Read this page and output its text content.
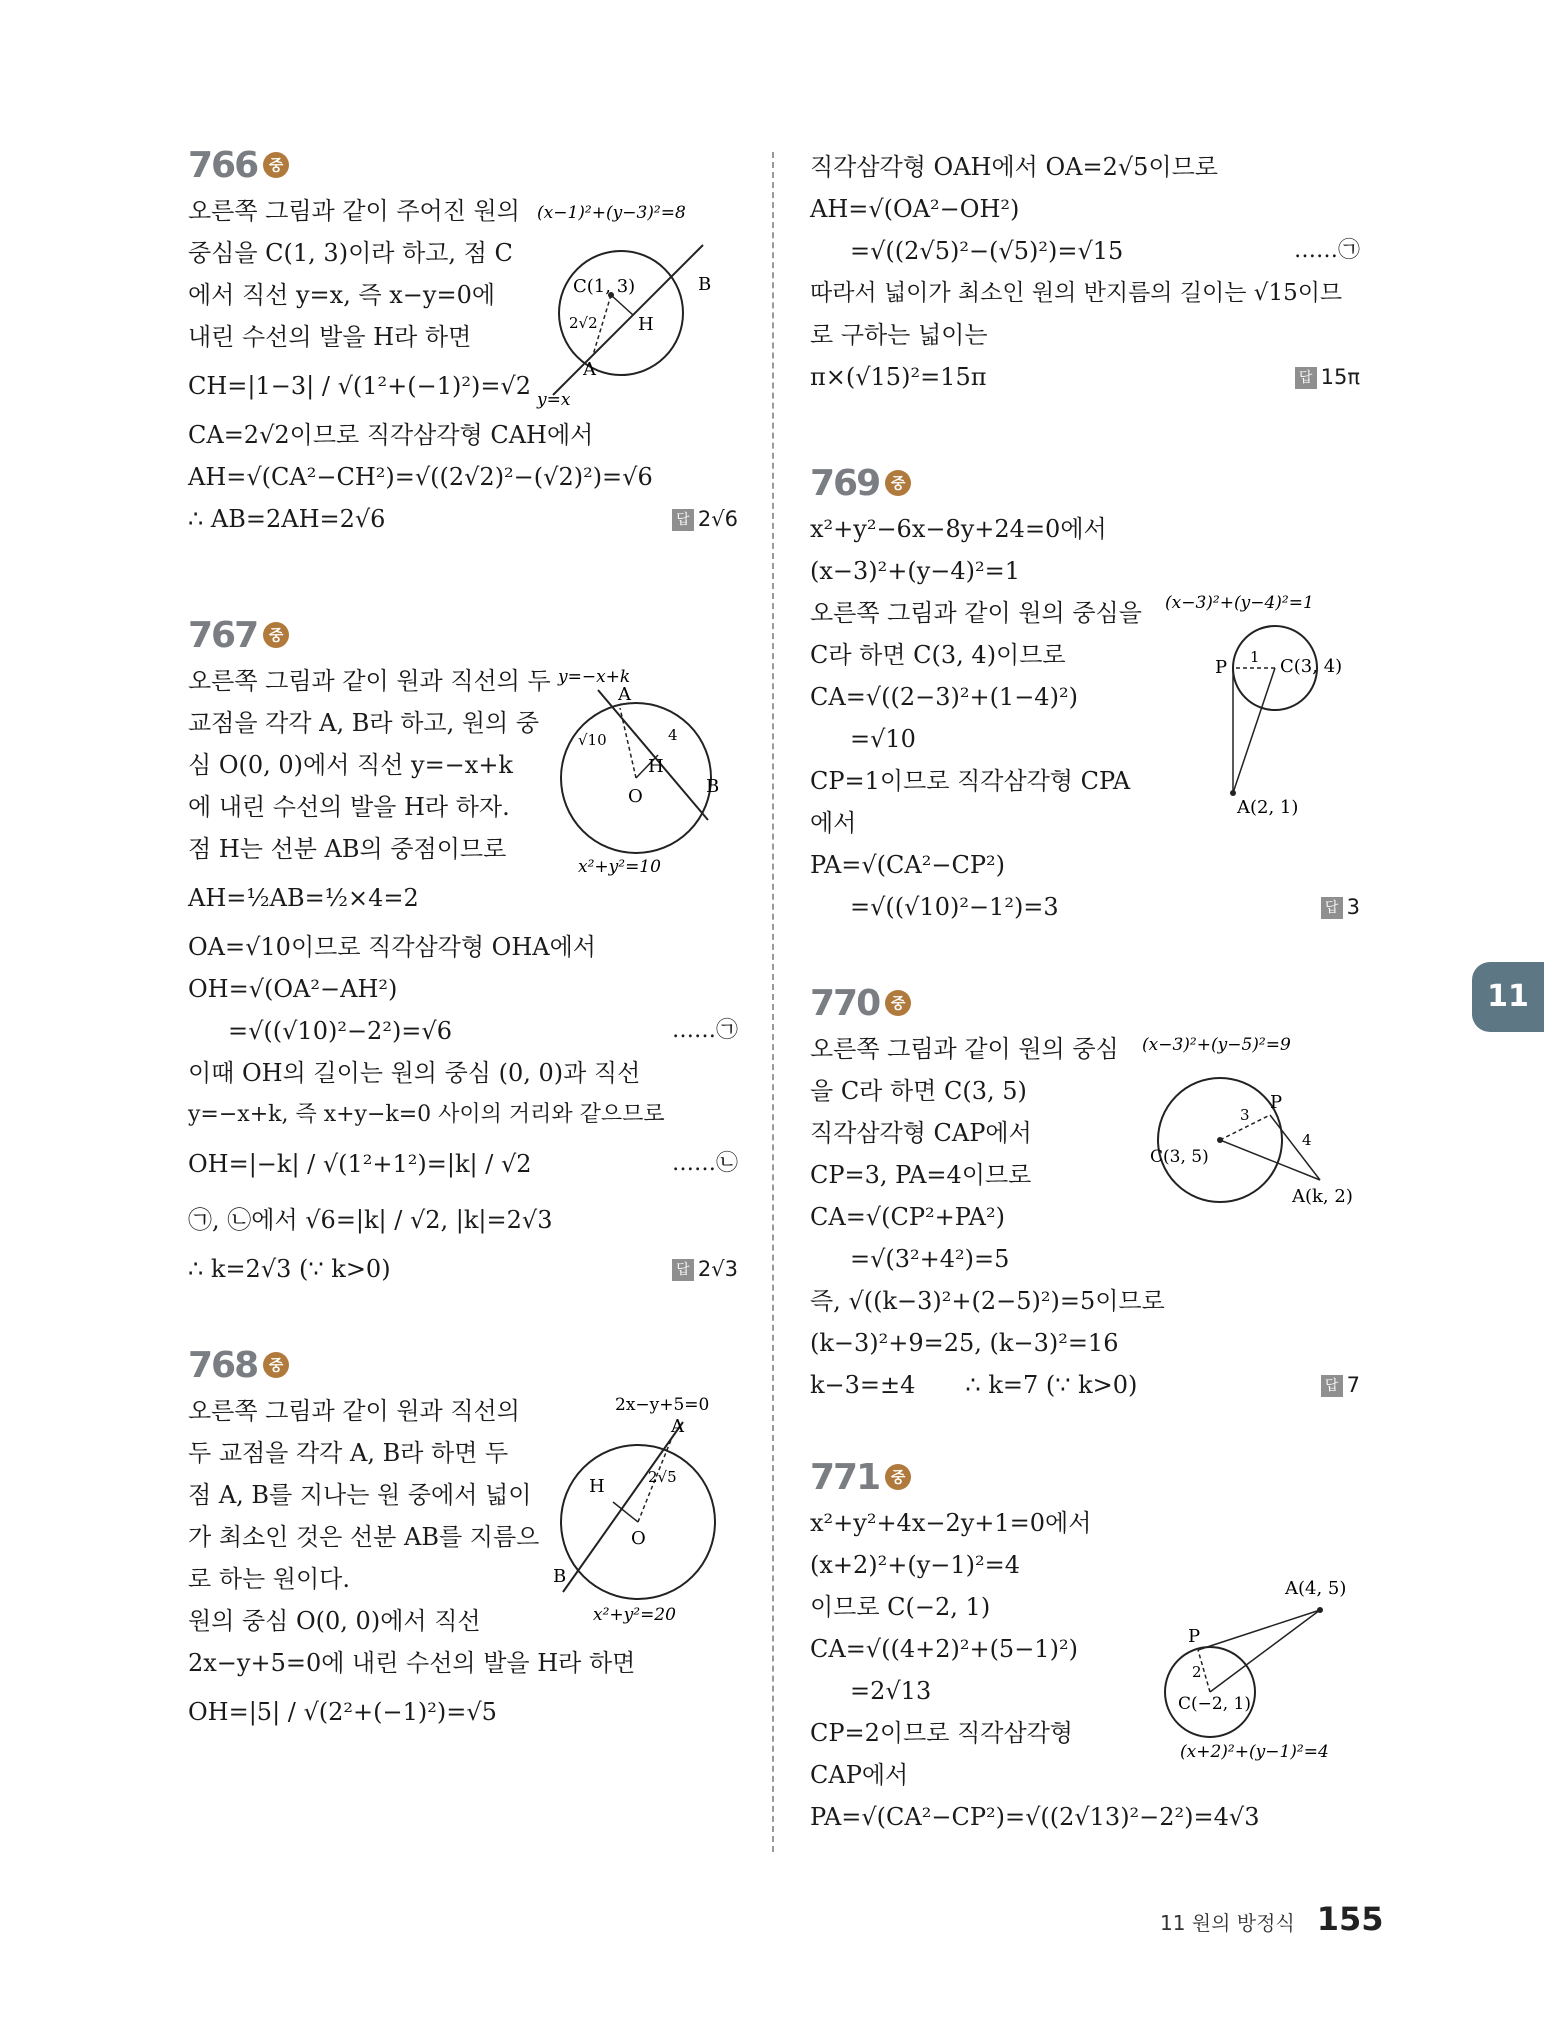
766 중
(x−1)²+(y−3)²=8
C(1, 3)
2√2 H
B
A
y=x
오른쪽 그림과 같이 주어진 원의
중심을 C(1, 3)이라 하고, 점 C
에서 직선 y=x, 즉 x−y=0에
내린 수선의 발을 H라 하면
CH=|1−3| / √(1²+(−1)²)=√2
CA=2√2이므로 직각삼각형 CAH에서
AH=√(CA²−CH²)=√((2√2)²−(√2)²)=√6
∴ AB=2AH=2√6	답 2√6
767 중
y=−x+k
A
√10	4
H
O	B
x²+y²=10
오른쪽 그림과 같이 원과 직선의 두
교점을 각각 A, B라 하고, 원의 중
심 O(0, 0)에서 직선 y=−x+k
에 내린 수선의 발을 H라 하자.
점 H는 선분 AB의 중점이므로
AH=½AB=½×4=2
OA=√10이므로 직각삼각형 OHA에서
OH=√(OA²−AH²)
=√((√10)²−2²)=√6	……㉠
이때 OH의 길이는 원의 중심 (0, 0)과 직선
y=−x+k, 즉 x+y−k=0 사이의 거리와 같으므로
OH=|−k| / √(1²+1²)=|k| / √2	……㉡
㉠, ㉡에서 √6=|k| / √2, |k|=2√3
∴ k=2√3 (∵ k>0)	답 2√3
768 중
2x−y+5=0
A
H	2√5
B
O
x²+y²=20
오른쪽 그림과 같이 원과 직선의
두 교점을 각각 A, B라 하면 두
점 A, B를 지나는 원 중에서 넓이
가 최소인 것은 선분 AB를 지름으
로 하는 원이다.
원의 중심 O(0, 0)에서 직선
2x−y+5=0에 내린 수선의 발을 H라 하면
OH=|5| / √(2²+(−1)²)=√5
직각삼각형 OAH에서 OA=2√5이므로
AH=√(OA²−OH²)
=√((2√5)²−(√5)²)=√15	……㉠
따라서 넓이가 최소인 원의 반지름의 길이는 √15이므
로 구하는 넓이는
π×(√15)²=15π	답 15π
769 중
(x−3)²+(y−4)²=1
P 1 C(3, 4)
A(2, 1)
x²+y²−6x−8y+24=0에서
(x−3)²+(y−4)²=1
오른쪽 그림과 같이 원의 중심을
C라 하면 C(3, 4)이므로
CA=√((2−3)²+(1−4)²)
=√10
CP=1이므로 직각삼각형 CPA
에서
PA=√(CA²−CP²)
=√((√10)²−1²)=3	답 3
770 중
(x−3)²+(y−5)²=9
3
P
C(3, 5)
4
A(k, 2)
오른쪽 그림과 같이 원의 중심
을 C라 하면 C(3, 5)
직각삼각형 CAP에서
CP=3, PA=4이므로
CA=√(CP²+PA²)
=√(3²+4²)=5
즉, √((k−3)²+(2−5)²)=5이므로
(k−3)²+9=25, (k−3)²=16
k−3=±4 ∴ k=7 (∵ k>0)	답 7
771 중
A(4, 5)
P
2
C(−2, 1)
(x+2)²+(y−1)²=4
x²+y²+4x−2y+1=0에서
(x+2)²+(y−1)²=4
이므로 C(−2, 1)
CA=√((4+2)²+(5−1)²)
=2√13
CP=2이므로 직각삼각형
CAP에서
PA=√(CA²−CP²)=√((2√13)²−2²)=4√3
11
11 원의 방정식 155
